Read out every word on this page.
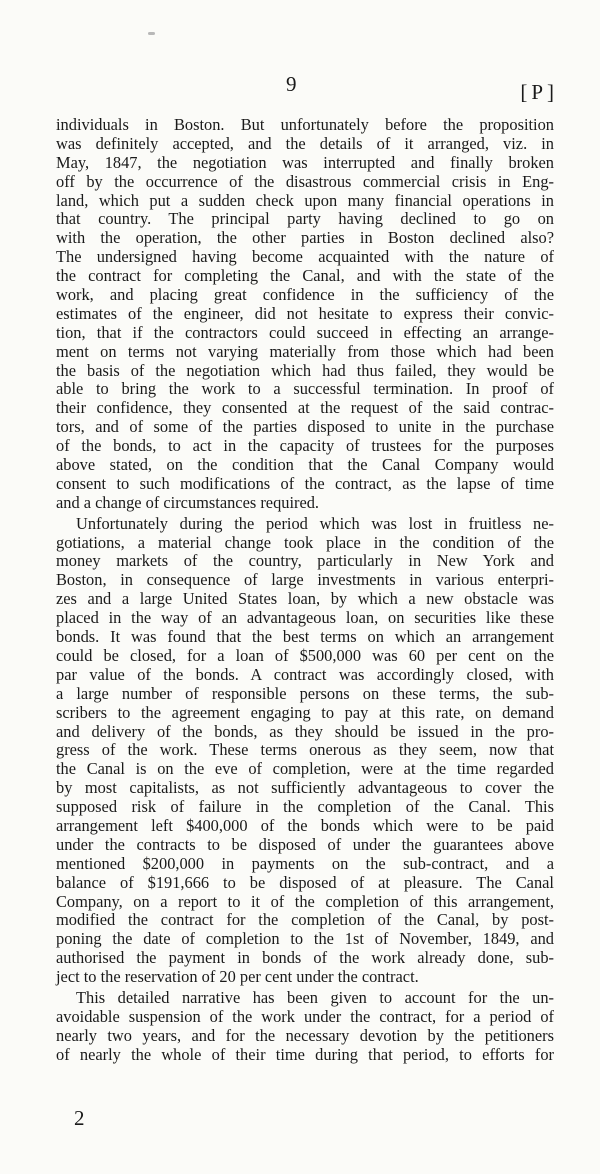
9	[P]
individuals in Boston. But unfortunately before the proposition
was definitely accepted, and the details of it arranged, viz. in
May, 1847, the negotiation was interrupted and finally broken
off by the occurrence of the disastrous commercial crisis in Eng-
land, which put a sudden check upon many financial operations in
that country. The principal party having declined to go on
with the operation, the other parties in Boston declined also?
The undersigned having become acquainted with the nature of
the contract for completing the Canal, and with the state of the
work, and placing great confidence in the sufficiency of the
estimates of the engineer, did not hesitate to express their convic-
tion, that if the contractors could succeed in effecting an arrange-
ment on terms not varying materially from those which had been
the basis of the negotiation which had thus failed, they would be
able to bring the work to a successful termination. In proof of
their confidence, they consented at the request of the said contrac-
tors, and of some of the parties disposed to unite in the purchase
of the bonds, to act in the capacity of trustees for the purposes
above stated, on the condition that the Canal Company would
consent to such modifications of the contract, as the lapse of time
and a change of circumstances required.
Unfortunately during the period which was lost in fruitless ne-
gotiations, a material change took place in the condition of the
money markets of the country, particularly in New York and
Boston, in consequence of large investments in various enterpri-
zes and a large United States loan, by which a new obstacle was
placed in the way of an advantageous loan, on securities like these
bonds. It was found that the best terms on which an arrangement
could be closed, for a loan of $500,000 was 60 per cent on the
par value of the bonds. A contract was accordingly closed, with
a large number of responsible persons on these terms, the sub-
scribers to the agreement engaging to pay at this rate, on demand
and delivery of the bonds, as they should be issued in the pro-
gress of the work. These terms onerous as they seem, now that
the Canal is on the eve of completion, were at the time regarded
by most capitalists, as not sufficiently advantageous to cover the
supposed risk of failure in the completion of the Canal. This
arrangement left $400,000 of the bonds which were to be paid
under the contracts to be disposed of under the guarantees above
mentioned $200,000 in payments on the sub-contract, and a
balance of $191,666 to be disposed of at pleasure. The Canal
Company, on a report to it of the completion of this arrangement,
modified the contract for the completion of the Canal, by post-
poning the date of completion to the 1st of November, 1849, and
authorised the payment in bonds of the work already done, sub-
ject to the reservation of 20 per cent under the contract.
This detailed narrative has been given to account for the un-
avoidable suspension of the work under the contract, for a period of
nearly two years, and for the necessary devotion by the petitioners
of nearly the whole of their time during that period, to efforts for
2
